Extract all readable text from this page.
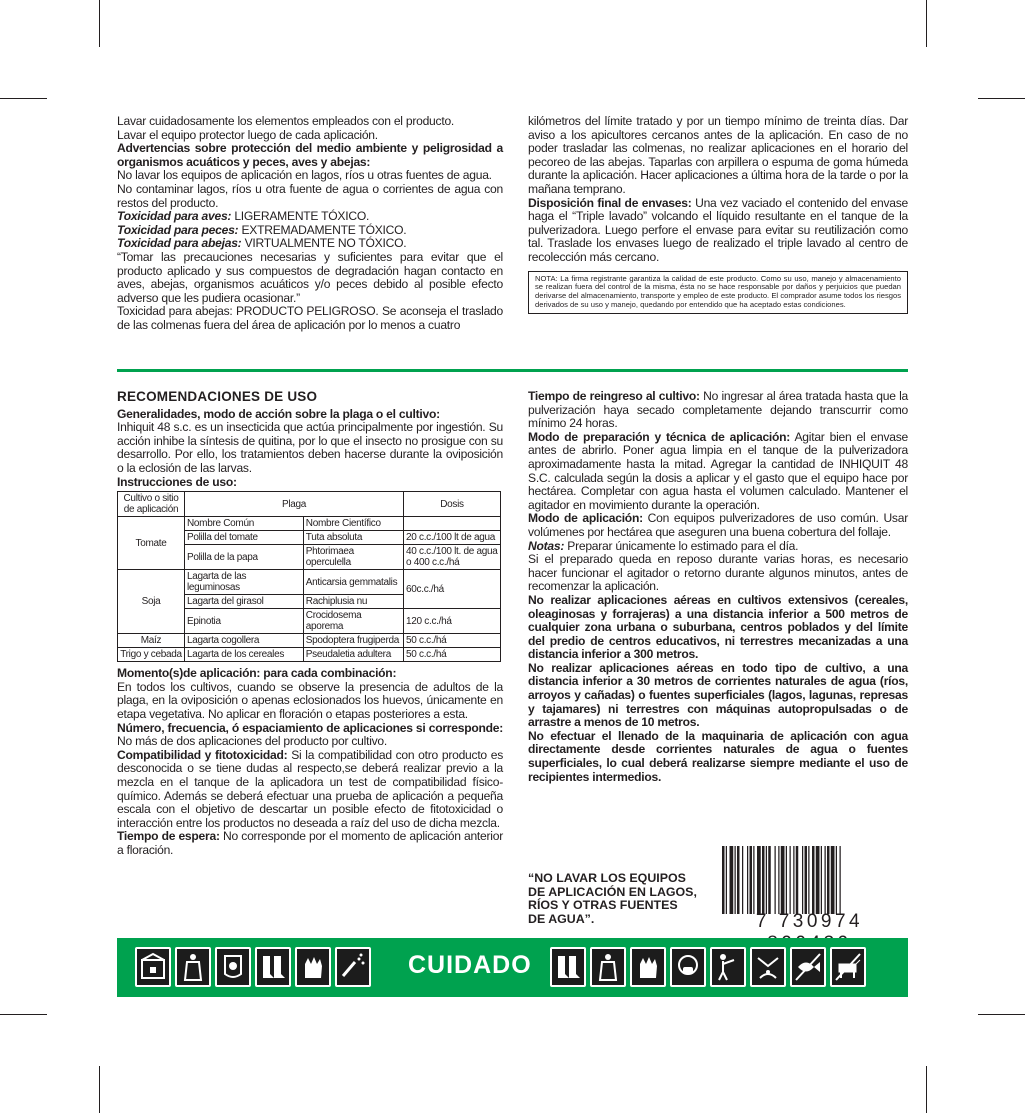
Lavar cuidadosamente los elementos empleados con el producto.

Lavar el equipo protector luego de cada aplicación.

Advertencias sobre protección del medio ambiente y peligrosidad a organismos acuáticos y peces, aves y abejas:

No lavar los equipos de aplicación en lagos, ríos u otras fuentes de agua.

No contaminar lagos, ríos u otra fuente de agua o corrientes de agua con restos del producto.

Toxicidad para aves: LIGERAMENTE TÓXICO.

Toxicidad para peces: EXTREMADAMENTE TÓXICO.

Toxicidad para abejas: VIRTUALMENTE NO TÓXICO.

“Tomar las precauciones necesarias y suficientes para evitar que el producto aplicado y sus compuestos de degradación hagan contacto en aves, abejas, organismos acuáticos y/o peces debido al posible efecto adverso que les pudiera ocasionar.”

Toxicidad para abejas: PRODUCTO PELIGROSO. Se aconseja el traslado de las colmenas fuera del área de aplicación por lo menos a cuatro

kilómetros del límite tratado y por un tiempo mínimo de treinta días. Dar aviso a los apicultores cercanos antes de la aplicación. En caso de no poder trasladar las colmenas, no realizar aplicaciones en el horario del pecoreo de las abejas. Taparlas con arpillera o espuma de goma húmeda durante la aplicación. Hacer aplicaciones a última hora de la tarde o por la mañana temprano.

Disposición final de envases: Una vez vaciado el contenido del envase haga el “Triple lavado” volcando el líquido resultante en el tanque de la pulverizadora. Luego perfore el envase para evitar su reutilización como tal. Traslade los envases luego de realizado el triple lavado al centro de recolección más cercano.

NOTA: La firma registrante garantiza la calidad de este producto. Como su uso, manejo y almacenamiento se realizan fuera del control de la misma, ésta no se hace responsable por daños y perjuicios que puedan derivarse del almacenamiento, transporte y empleo de este producto. El comprador asume todos los riesgos derivados de su uso y manejo, quedando por entendido que ha aceptado estas condiciones.

RECOMENDACIONES DE USO

Generalidades, modo de acción sobre la plaga o el cultivo:

Inhiquit 48 s.c. es un insecticida que actúa principalmente por ingestión. Su acción inhibe la síntesis de quitina, por lo que el insecto no prosigue con su desarrollo. Por ello, los tratamientos deben hacerse durante la oviposición o la eclosión de las larvas.

Instrucciones de uso:

Cultivo o sitio de aplicación	Plaga		Dosis
Tomate	Nombre Común	Nombre Científico	
	Polilla del tomate	Tuta absoluta	20 c.c./100 lt de agua
	Polilla de la papa	Phtorimaea operculella	40 c.c./100 lt. de agua o 400 c.c./há
Soja	Lagarta de las leguminosas	Anticarsia gemmatalis	60c.c./há
	Lagarta del girasol	Rachiplusia nu	
	Epinotia	Crocidosema aporema	120 c.c./há
Maíz	Lagarta cogollera	Spodoptera frugiperda	50 c.c./há
Trigo y cebada	Lagarta de los cereales	Pseudaletia adultera	50 c.c./há

Momento(s)de aplicación: para cada combinación:

En todos los cultivos, cuando se observe la presencia de adultos de la plaga, en la oviposición o apenas eclosionados los huevos, únicamente en etapa vegetativa. No aplicar en floración o etapas posteriores a esta.

Número, frecuencia, ó espaciamiento de aplicaciones si corresponde: No más de dos aplicaciones del producto por cultivo.

Compatibilidad y fitotoxicidad: Si la compatibilidad con otro producto es desconocida o se tiene dudas al respecto,se deberá realizar previo a la mezcla en el tanque de la aplicadora un test de compatibilidad físico-químico. Además se deberá efectuar una prueba de aplicación a pequeña escala con el objetivo de descartar un posible efecto de fitotoxicidad o interacción entre los productos no deseada a raíz del uso de dicha mezcla.

Tiempo de espera: No corresponde por el momento de aplicación anterior a floración.

Tiempo de reingreso al cultivo: No ingresar al área tratada hasta que la pulverización haya secado completamente dejando transcurrir como mínimo 24 horas.

Modo de preparación y técnica de aplicación: Agitar bien el envase antes de abrirlo. Poner agua limpia en el tanque de la pulverizadora aproximadamente hasta la mitad. Agregar la cantidad de INHIQUIT 48 S.C. calculada según la dosis a aplicar y el gasto que el equipo hace por hectárea. Completar con agua hasta el volumen calculado. Mantener el agitador en movimiento durante la operación.

Modo de aplicación: Con equipos pulverizadores de uso común. Usar volúmenes por hectárea que aseguren una buena cobertura del follaje.

Notas: Preparar únicamente lo estimado para el día.

Si el preparado queda en reposo durante varias horas, es necesario hacer funcionar el agitador o retorno durante algunos minutos, antes de recomenzar la aplicación.

No realizar aplicaciones aéreas en cultivos extensivos (cereales, oleaginosas y forrajeras) a una distancia inferior a 500 metros de cualquier zona urbana o suburbana, centros poblados y del límite del predio de centros educativos, ni terrestres mecanizadas a una distancia inferior a 300 metros.

No realizar aplicaciones aéreas en todo tipo de cultivo, a una distancia inferior a 30 metros de corrientes naturales de agua (ríos, arroyos y cañadas) o fuentes superficiales (lagos, lagunas, represas y tajamares) ni terrestres con máquinas autopropulsadas o de arrastre a menos de 10 metros.

No efectuar el llenado de la maquinaria de aplicación con agua directamente desde corrientes naturales de agua o fuentes superficiales, lo cual deberá realizarse siempre mediante el uso de recipientes intermedios.

“NO LAVAR LOS EQUIPOS DE APLICACIÓN EN LAGOS, RÍOS Y OTRAS FUENTES DE AGUA”.	7 730974
CUIDADO
